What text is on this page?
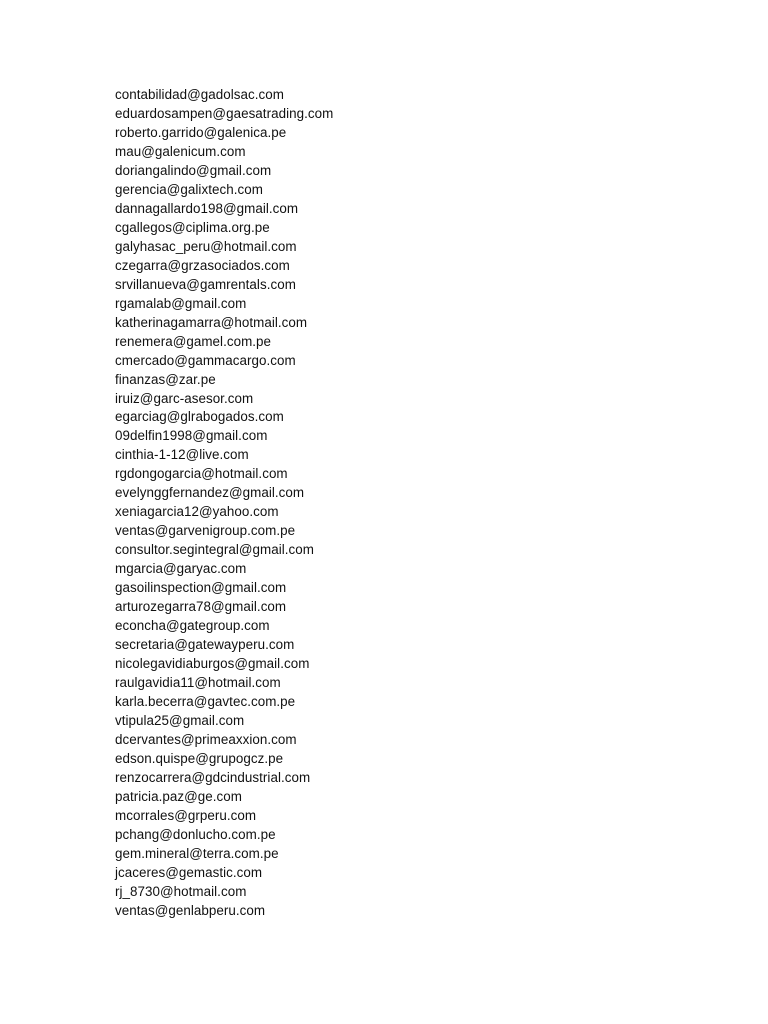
contabilidad@gadolsac.com
eduardosampen@gaesatrading.com
roberto.garrido@galenica.pe
mau@galenicum.com
doriangalindo@gmail.com
gerencia@galixtech.com
dannagallardo198@gmail.com
cgallegos@ciplima.org.pe
galyhasac_peru@hotmail.com
czegarra@grzasociados.com
srvillanueva@gamrentals.com
rgamalab@gmail.com
katherinagamarra@hotmail.com
renemera@gamel.com.pe
cmercado@gammacargo.com
finanzas@zar.pe
iruiz@garc-asesor.com
egarciag@glrabogados.com
09delfin1998@gmail.com
cinthia-1-12@live.com
rgdongogarcia@hotmail.com
evelynggfernandez@gmail.com
xeniagarcia12@yahoo.com
ventas@garvenigroup.com.pe
consultor.segintegral@gmail.com
mgarcia@garyac.com
gasoilinspection@gmail.com
arturozegarra78@gmail.com
econcha@gategroup.com
secretaria@gatewayperu.com
nicolegavidiaburgos@gmail.com
raulgavidia11@hotmail.com
karla.becerra@gavtec.com.pe
vtipula25@gmail.com
dcervantes@primeaxxion.com
edson.quispe@grupogcz.pe
renzocarrera@gdcindustrial.com
patricia.paz@ge.com
mcorrales@grperu.com
pchang@donlucho.com.pe
gem.mineral@terra.com.pe
jcaceres@gemastic.com
rj_8730@hotmail.com
ventas@genlabperu.com
